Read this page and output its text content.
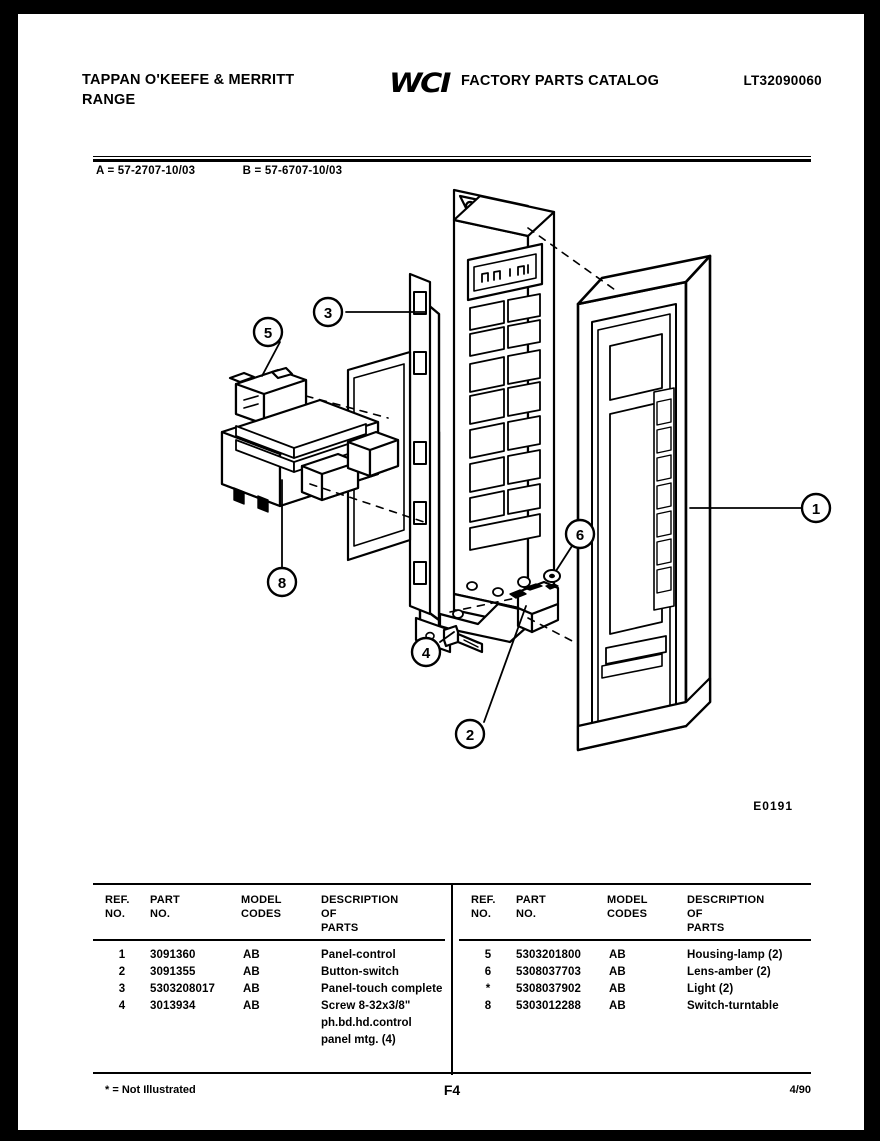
TAPPAN O'KEEFE & MERRITT
RANGE
WCI FACTORY PARTS CATALOG	LT32090060
A = 57-2707-10/03	B = 57-6707-10/03
3
5
8
6
1
4
2
E0191
REF.

NO.
PART

NO.
MODEL

CODES
DESCRIPTION

OF PARTS
1	3091360	AB	Panel-control
2	3091355	AB	Button-switch
3	5303208017 AB	Panel-touch complete
4	3013934	AB	Screw 8-32x3/8"
ph.bd.hd.control
panel mtg. (4)
REF.

NO.
PART

NO.
MODEL

CODES
DESCRIPTION

OF PARTS
5	5303201800 AB	Housing-lamp (2)
6	5308037703 AB	Lens-amber (2)
*	5308037902 AB	Light (2)
8	5303012288 AB	Switch-turntable
* = Not Illustrated	F4	4/90
